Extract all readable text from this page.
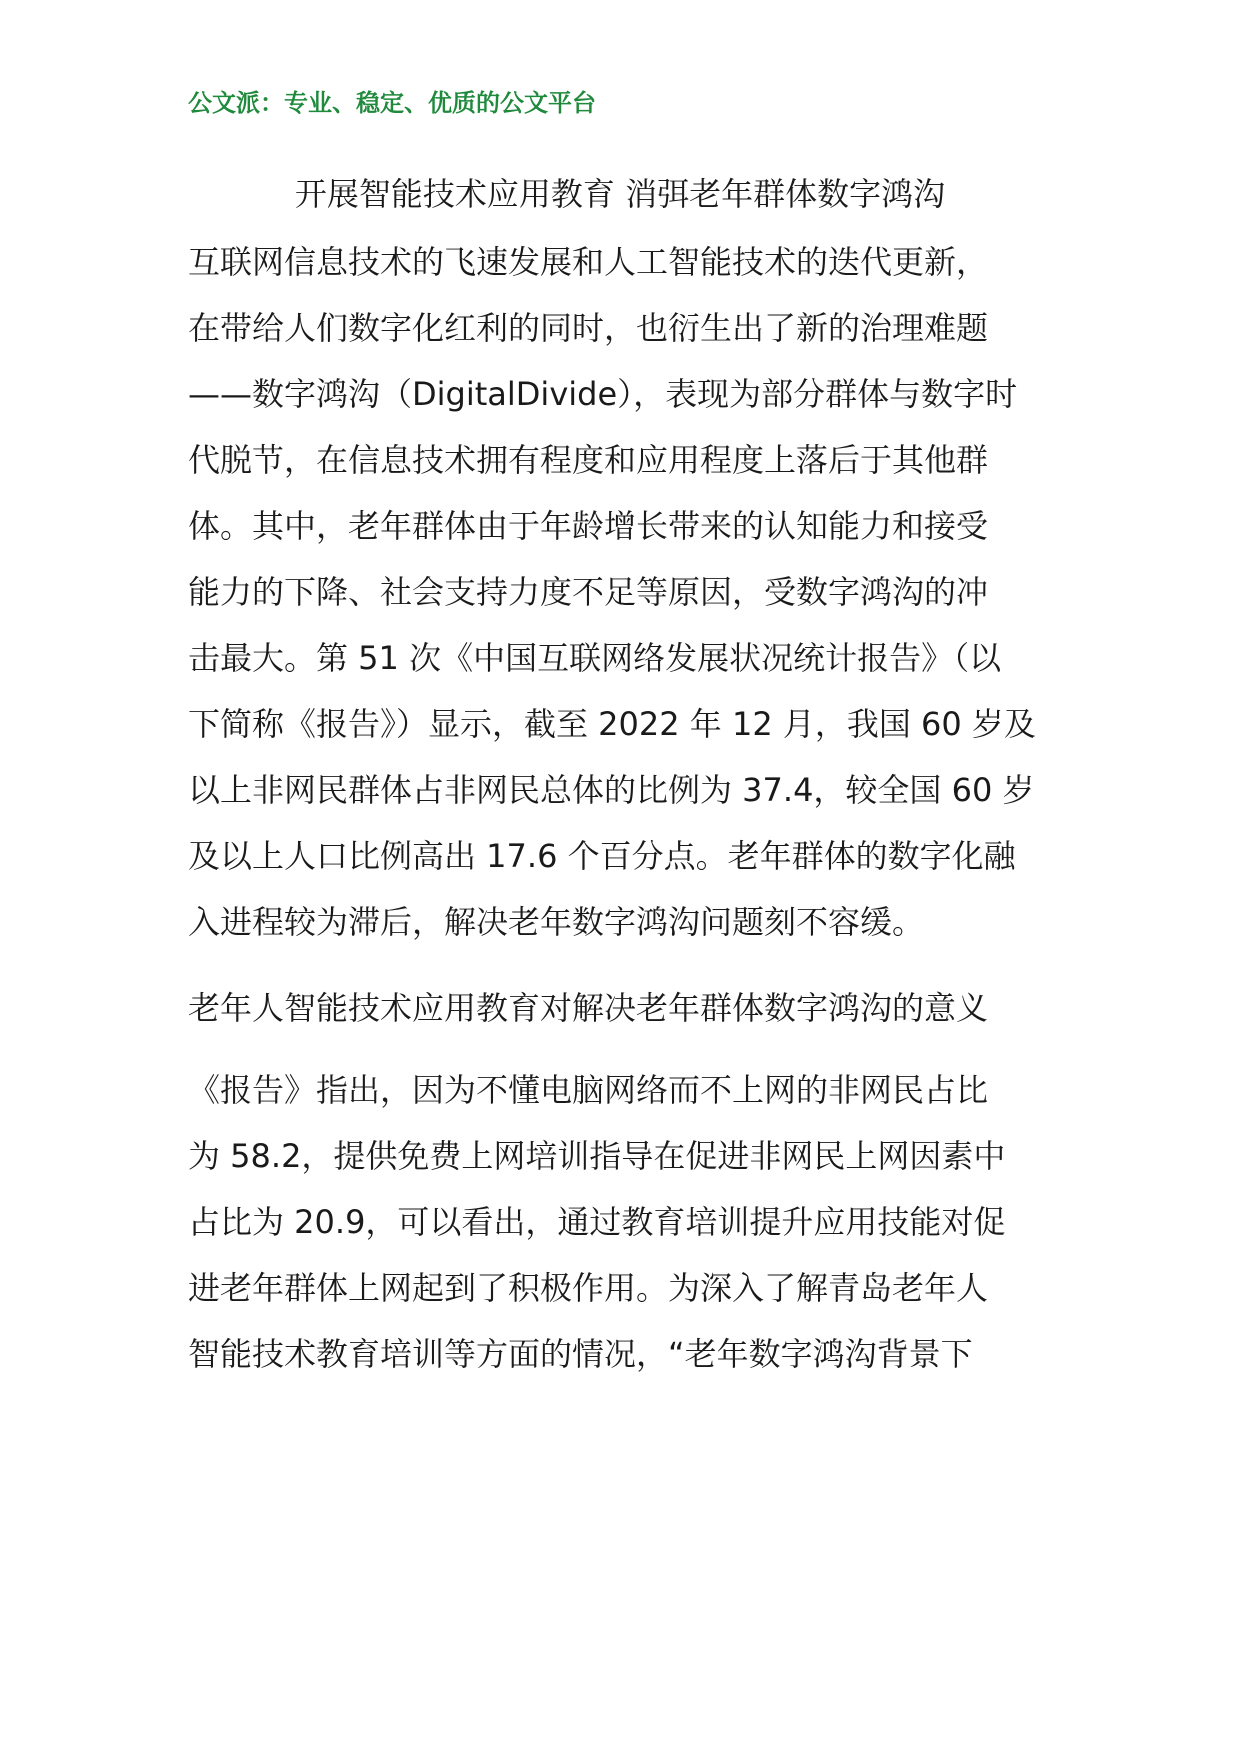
公文派：专业、稳定、优质的公文平台
开展智能技术应用教育 消弭老年群体数字鸿沟
互联网信息技术的飞速发展和人工智能技术的迭代更新，
在带给人们数字化红利的同时，也衍生出了新的治理难题
——数字鸿沟（DigitalDivide），表现为部分群体与数字时
代脱节，在信息技术拥有程度和应用程度上落后于其他群
体。其中，老年群体由于年龄增长带来的认知能力和接受
能力的下降、社会支持力度不足等原因，受数字鸿沟的冲
击最大。第 51 次《中国互联网络发展状况统计报告》（以
下简称《报告》）显示，截至 2022 年 12 月，我国 60 岁及
以上非网民群体占非网民总体的比例为 37.4，较全国 60 岁
及以上人口比例高出 17.6 个百分点。老年群体的数字化融
入进程较为滞后，解决老年数字鸿沟问题刻不容缓。
老年人智能技术应用教育对解决老年群体数字鸿沟的意义
《报告》指出，因为不懂电脑网络而不上网的非网民占比
为 58.2，提供免费上网培训指导在促进非网民上网因素中
占比为 20.9，可以看出，通过教育培训提升应用技能对促
进老年群体上网起到了积极作用。为深入了解青岛老年人
智能技术教育培训等方面的情况，“老年数字鸿沟背景下
